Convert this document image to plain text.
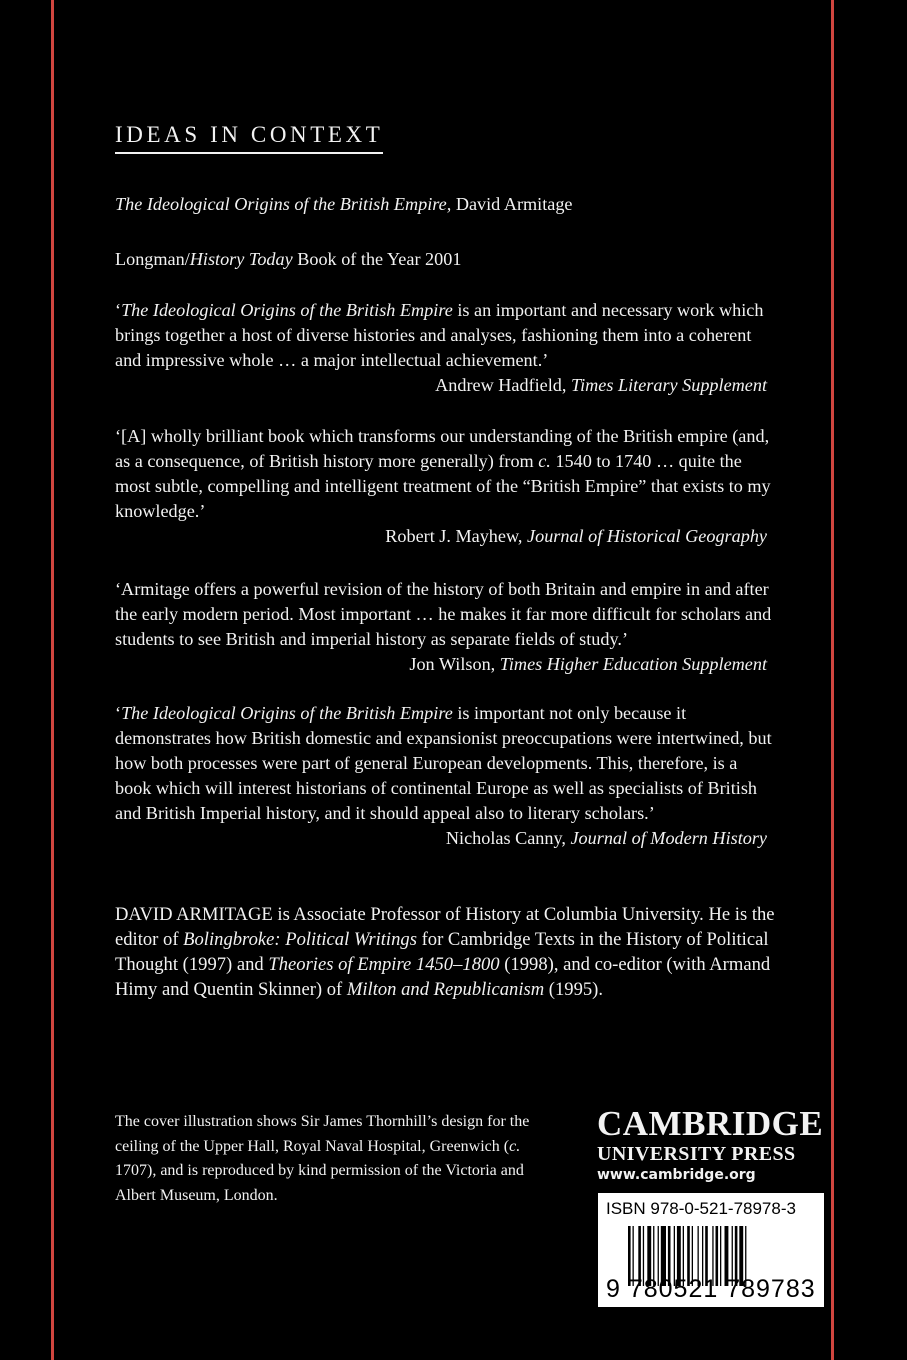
IDEAS IN CONTEXT
The Ideological Origins of the British Empire, David Armitage
Longman/History Today Book of the Year 2001
‘The Ideological Origins of the British Empire is an important and necessary work which brings together a host of diverse histories and analyses, fashioning them into a coherent and impressive whole … a major intellectual achievement.’
Andrew Hadfield, Times Literary Supplement
‘[A] wholly brilliant book which transforms our understanding of the British empire (and, as a consequence, of British history more generally) from c. 1540 to 1740 … quite the most subtle, compelling and intelligent treatment of the “British Empire” that exists to my knowledge.’
Robert J. Mayhew, Journal of Historical Geography
‘Armitage offers a powerful revision of the history of both Britain and empire in and after the early modern period. Most important … he makes it far more difficult for scholars and students to see British and imperial history as separate fields of study.’
Jon Wilson, Times Higher Education Supplement
‘The Ideological Origins of the British Empire is important not only because it demonstrates how British domestic and expansionist preoccupations were intertwined, but how both processes were part of general European developments. This, therefore, is a book which will interest historians of continental Europe as well as specialists of British and British Imperial history, and it should appeal also to literary scholars.’
Nicholas Canny, Journal of Modern History
DAVID ARMITAGE is Associate Professor of History at Columbia University. He is the editor of Bolingbroke: Political Writings for Cambridge Texts in the History of Political Thought (1997) and Theories of Empire 1450–1800 (1998), and co-editor (with Armand Himy and Quentin Skinner) of Milton and Republicanism (1995).
The cover illustration shows Sir James Thornhill’s design for the ceiling of the Upper Hall, Royal Naval Hospital, Greenwich (c. 1707), and is reproduced by kind permission of the Victoria and Albert Museum, London.
CAMBRIDGE
UNIVERSITY PRESS
www.cambridge.org
ISBN 978-0-521-78978-3
9 780521 789783
